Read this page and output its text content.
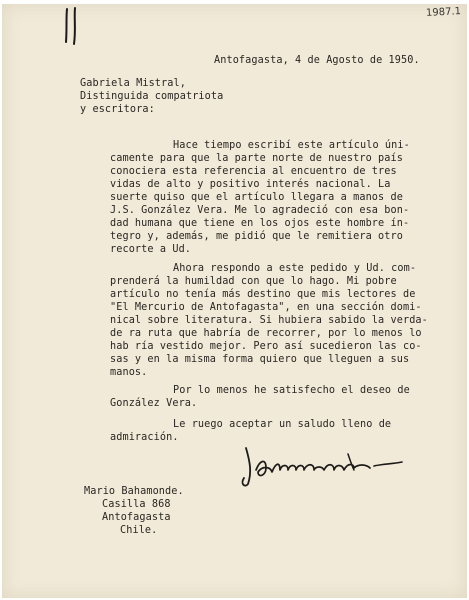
1987.1
Antofagasta, 4 de Agosto de 1950.
Gabriela Mistral,
Distinguida compatriota
y escritora:
Hace tiempo escribí este artículo úni-
camente para que la parte norte de nuestro país
conociera esta referencia al encuentro de tres
vidas de alto y positivo interés nacional. La
suerte quiso que el artículo llegara a manos de
J.S. González Vera. Me lo agradeció con esa bon-
dad humana que tiene en los ojos este hombre ín-
tegro y, además, me pidió que le remitiera otro
recorte a Ud.
Ahora respondo a este pedido y Ud. com-
prenderá la humildad con que lo hago. Mi pobre
artículo no tenía más destino que mis lectores de
"El Mercurio de Antofagasta", en una sección domi-
nical sobre literatura. Si hubiera sabido la verda-
de ra ruta que habría de recorrer, por lo menos lo
hab ría vestido mejor. Pero así sucedieron las co-
sas y en la misma forma quiero que lleguen a sus
manos.
Por lo menos he satisfecho el deseo de
González Vera.
Le ruego aceptar un saludo lleno de
admiración.
Mario Bahamonde.
Casilla 868
Antofagasta
Chile.
